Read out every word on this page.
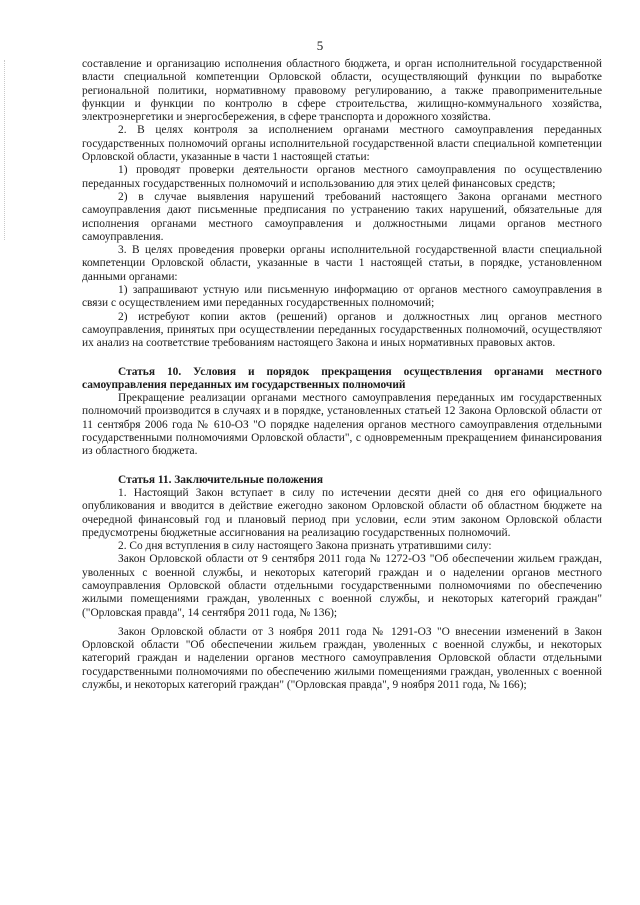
5

составление и организацию исполнения областного бюджета, и орган исполнительной государственной власти специальной компетенции Орловской области, осуществляющий функции по выработке региональной политики, нормативному правовому регулированию, а также правоприменительные функции и функции по контролю в сфере строительства, жилищно-коммунального хозяйства, электроэнергетики и энергосбережения, в сфере транспорта и дорожного хозяйства.

2. В целях контроля за исполнением органами местного самоуправления переданных государственных полномочий органы исполнительной государственной власти специальной компетенции Орловской области, указанные в части 1 настоящей статьи:

1) проводят проверки деятельности органов местного самоуправления по осуществлению переданных государственных полномочий и использованию для этих целей финансовых средств;

2) в случае выявления нарушений требований настоящего Закона органами местного самоуправления дают письменные предписания по устранению таких нарушений, обязательные для исполнения органами местного самоуправления и должностными лицами органов местного самоуправления.

3. В целях проведения проверки органы исполнительной государственной власти специальной компетенции Орловской области, указанные в части 1 настоящей статьи, в порядке, установленном данными органами:

1) запрашивают устную или письменную информацию от органов местного самоуправления в связи с осуществлением ими переданных государственных полномочий;

2) истребуют копии актов (решений) органов и должностных лиц органов местного самоуправления, принятых при осуществлении переданных государственных полномочий, осуществляют их анализ на соответствие требованиям настоящего Закона и иных нормативных правовых актов.

Статья 10. Условия и порядок прекращения осуществления органами местного самоуправления переданных им государственных полномочий

Прекращение реализации органами местного самоуправления переданных им государственных полномочий производится в случаях и в порядке, установленных статьей 12 Закона Орловской области от 11 сентября 2006 года № 610-ОЗ "О порядке наделения органов местного самоуправления отдельными государственными полномочиями Орловской области", с одновременным прекращением финансирования из областного бюджета.

Статья 11. Заключительные положения

1. Настоящий Закон вступает в силу по истечении десяти дней со дня его официального опубликования и вводится в действие ежегодно законом Орловской области об областном бюджете на очередной финансовый год и плановый период при условии, если этим законом Орловской области предусмотрены бюджетные ассигнования на реализацию государственных полномочий.

2. Со дня вступления в силу настоящего Закона признать утратившими силу:

Закон Орловской области от 9 сентября 2011 года № 1272-ОЗ "Об обеспечении жильем граждан, уволенных с военной службы, и некоторых категорий граждан и о наделении органов местного самоуправления Орловской области отдельными государственными полномочиями по обеспечению жилыми помещениями граждан, уволенных с военной службы, и некоторых категорий граждан" ("Орловская правда", 14 сентября 2011 года, № 136);

Закон Орловской области от 3 ноября 2011 года № 1291-ОЗ "О внесении изменений в Закон Орловской области "Об обеспечении жильем граждан, уволенных с военной службы, и некоторых категорий граждан и наделении органов местного самоуправления Орловской области отдельными государственными полномочиями по обеспечению жилыми помещениями граждан, уволенных с военной службы, и некоторых категорий граждан" ("Орловская правда", 9 ноября 2011 года, № 166);
